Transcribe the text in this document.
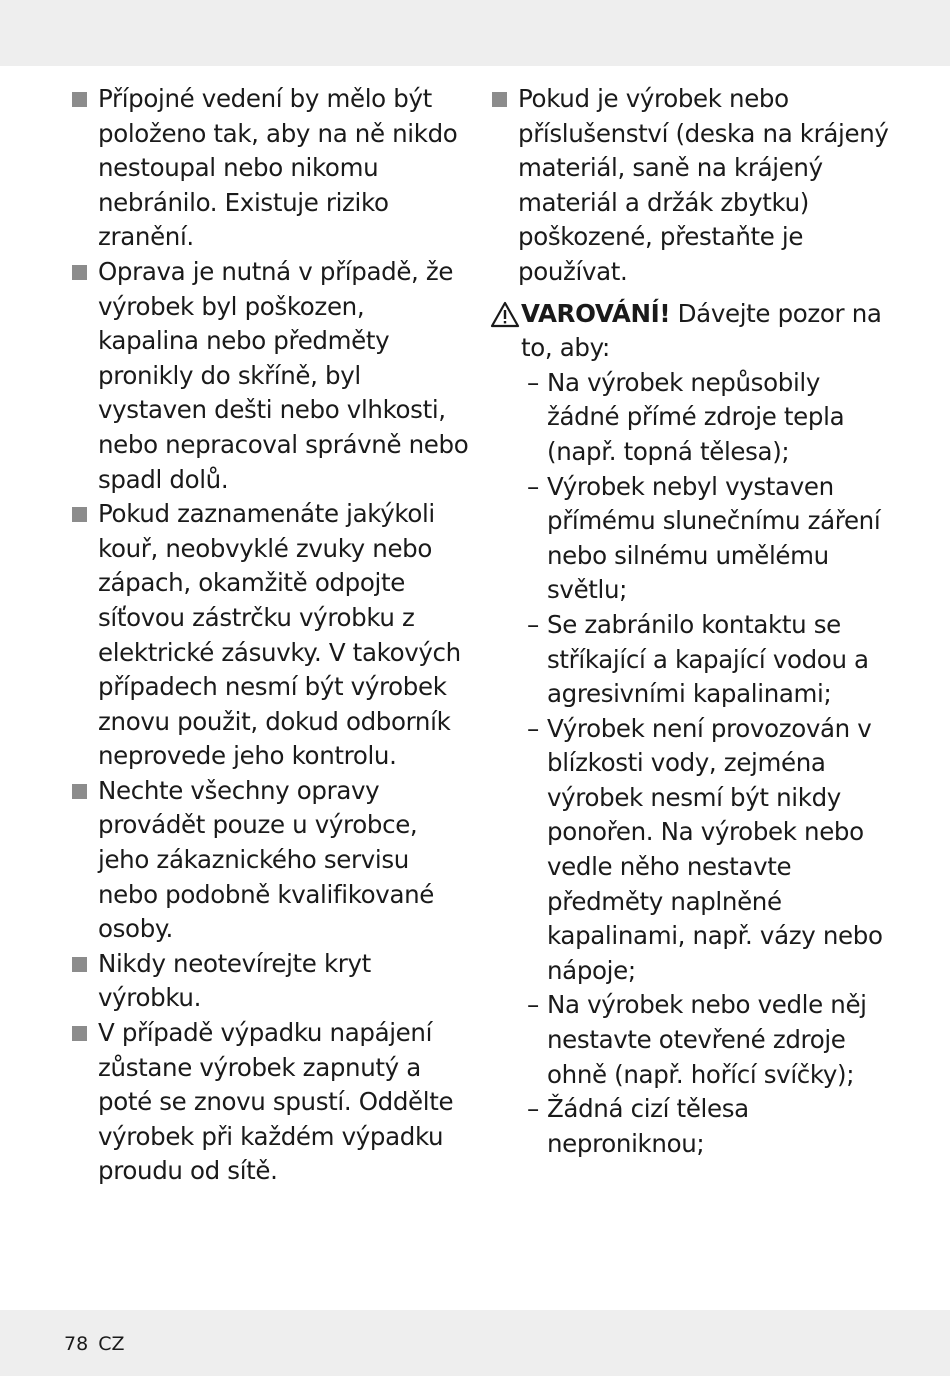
Přípojné vedení by mělo být položeno tak, aby na ně nikdo nestoupal nebo nikomu nebránilo. Existuje riziko zranění.
Oprava je nutná v případě, že výrobek byl poškozen, kapalina nebo předměty pronikly do skříně, byl vystaven dešti nebo vlhkosti, nebo nepracoval správně nebo spadl dolů.
Pokud zaznamenáte jakýkoli kouř, neobvyklé zvuky nebo zápach, okamžitě odpojte síťovou zástrčku výrobku z elektrické zásuvky. V takových případech nesmí být výrobek znovu použit, dokud odborník neprovede jeho kontrolu.
Nechte všechny opravy provádět pouze u výrobce, jeho zákaznického servisu nebo podobně kvalifikované osoby.
Nikdy neotevírejte kryt výrobku.
V případě výpadku napájení zůstane výrobek zapnutý a poté se znovu spustí. Oddělte výrobek při každém výpadku proudu od sítě.
Pokud je výrobek nebo příslušenství (deska na krájený materiál, saně na krájený materiál a držák zbytku) poškozené, přestaňte je používat.
VAROVÁNÍ! Dávejte pozor na to, aby:
– Na výrobek nepůsobily žádné přímé zdroje tepla (např. topná tělesa);
– Výrobek nebyl vystaven přímému slunečnímu záření nebo silnému umělému světlu;
– Se zabránilo kontaktu se stříkající a kapající vodou a agresivními kapalinami;
– Výrobek není provozován v blízkosti vody, zejména výrobek nesmí být nikdy ponořen. Na výrobek nebo vedle něho nestavte předměty naplněné kapalinami, např. vázy nebo nápoje;
– Na výrobek nebo vedle něj nestavte otevřené zdroje ohně (např. hořící svíčky);
– Žádná cizí tělesa neproniknou;
78 CZ
